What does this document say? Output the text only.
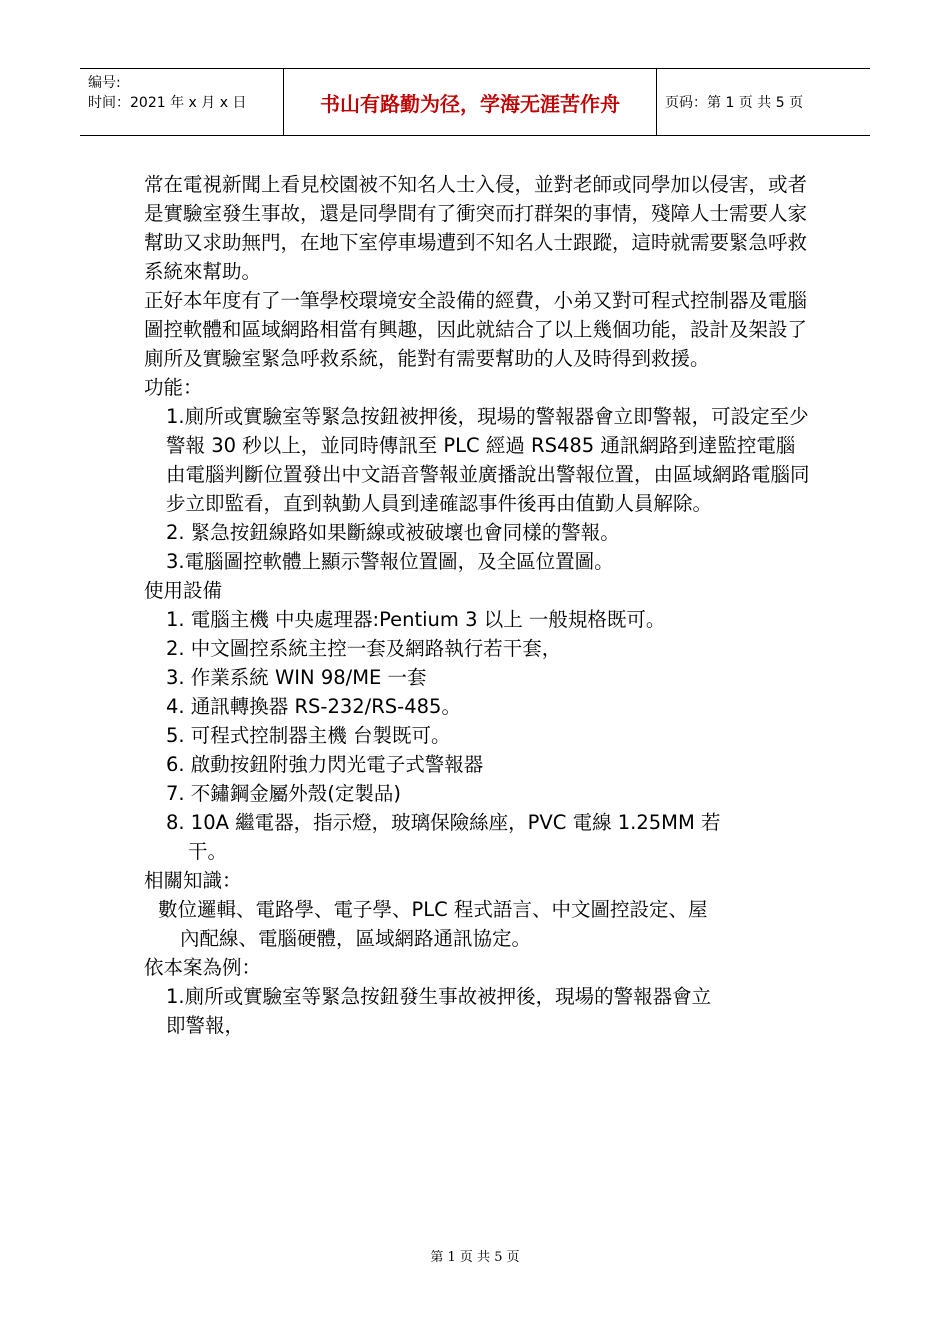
编号:
时间：2021 年 x 月 x 日	书山有路勤为径，学海无涯苦作舟	页码：第 1 页 共 5 页

常在電視新聞上看見校園被不知名人士入侵，並對老師或同學加以侵害，或者是實驗室發生事故，還是同學間有了衝突而打群架的事情，殘障人士需要人家幫助又求助無門，在地下室停車場遭到不知名人士跟蹤，這時就需要緊急呼救系統來幫助。

正好本年度有了一筆學校環境安全設備的經費，小弟又對可程式控制器及電腦圖控軟體和區域網路相當有興趣，因此就結合了以上幾個功能，設計及架設了廁所及實驗室緊急呼救系統，能對有需要幫助的人及時得到救援。

功能：

1.廁所或實驗室等緊急按鈕被押後，現場的警報器會立即警報，可設定至少警報 30 秒以上，並同時傳訊至 PLC 經過 RS485 通訊網路到達監控電腦由電腦判斷位置發出中文語音警報並廣播說出警報位置，由區域網路電腦同步立即監看，直到執勤人員到達確認事件後再由值勤人員解除。
2. 緊急按鈕線路如果斷線或被破壞也會同樣的警報。
3.電腦圖控軟體上顯示警報位置圖，及全區位置圖。

使用設備

1. 電腦主機 中央處理器:Pentium 3 以上 一般規格既可。
2. 中文圖控系統主控一套及網路執行若干套，
3. 作業系統 WIN 98/ME 一套
4. 通訊轉換器 RS-232/RS-485。
5. 可程式控制器主機 台製既可。
6. 啟動按鈕附強力閃光電子式警報器
7. 不鏽鋼金屬外殼(定製品)
8. 10A 繼電器，指示燈，玻璃保險絲座，PVC 電線 1.25MM 若
干。

相關知識：

數位邏輯、電路學、電子學、PLC 程式語言、中文圖控設定、屋
內配線、電腦硬體，區域網路通訊協定。

依本案為例：

1.廁所或實驗室等緊急按鈕發生事故被押後，現場的警報器會立
即警報，
第 1 页 共 5 页
